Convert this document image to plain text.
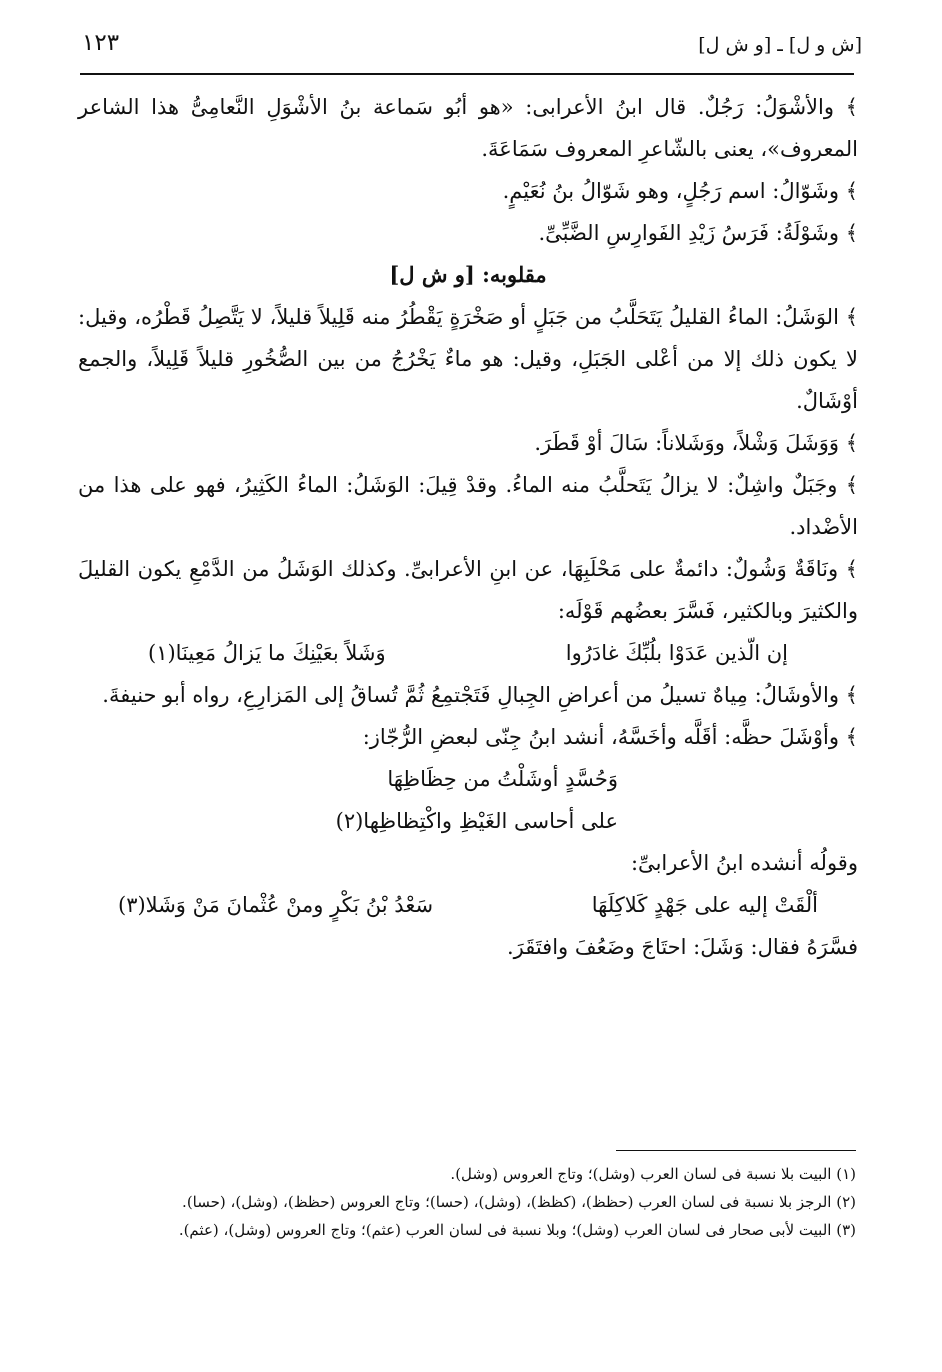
[ش و ل] ـ [و ش ل]
١٢٣

﴾ والأشْوَلُ: رَجُلٌ. قال ابنُ الأعرابى: «هو أبُو سَماعة بنُ الأشْوَلِ النَّعامِىُّ هذا الشاعر المعروف»، يعنى بالشّاعرِ المعروف سَمَاعَةَ.

﴾ وشَوّالُ: اسم رَجُلٍ، وهو شَوّالُ بنُ نُعَيْمٍ.

﴾ وشَوْلَةُ: فَرَسُ زَيْدِ الفَوارِسِ الضَّبِّىِّ.

مقلوبه: [و ش ل]

﴾ الوَشَلُ: الماءُ القليلُ يَتَحَلَّبُ من جَبَلٍ أو صَخْرَةٍ يَقْطُرُ منه قَلِيلاً قليلاً، لا يَتَّصِلُ قَطْرُه، وقيل: لا يكون ذلك إلا من أعْلى الجَبَلِ، وقيل: هو ماءٌ يَخْرُجُ من بين الصُّخُورِ قليلاً قَلِيلاً، والجمع أوْشَالٌ.

﴾ وَوَشَلَ وَشْلاً، ووَشَلاناً: سَالَ أوْ قَطَرَ.

﴾ وجَبَلٌ واشِلٌ: لا يزالُ يَتَحلَّبُ منه الماءُ. وقدْ قِيلَ: الوَشَلُ: الماءُ الكَثِيرُ، فهو على هذا من الأضْداد.

﴾ ونَاقَةٌ وَشُولٌ: دائمةٌ على مَحْلَبِهَا، عن ابنِ الأعرابىِّ. وكذلك الوَشَلُ من الدَّمْعِ يكون القليلَ والكثيرَ وبالكثير، فَسَّرَ بعضُهم قَوْلَه:

إن الّذين عَدَوْا بلُبِّكَ غادَرُوا
وَشَلاً بعَيْنِكَ ما يَزالُ مَعِينَا(١)

﴾ والأوشَالُ: مِياهٌ تسيلُ من أعراضِ الجِبالِ فَتَجْتمِعُ ثُمَّ تُساقُ إلى المَزارِعِ، رواه أبو حنيفةَ.

﴾ وأوْشَلَ حظَّه: أقَلَّه وأخَسَّهُ، أنشد ابنُ جِنّى لبعضِ الرُّجّاز:

وَحُسَّدٍ أوشَلْتُ من حِظَاظِهَا

على أحاسى الغَيْظِ واكْتِظاظِها(٢)

وقولُه أنشده ابنُ الأعرابىِّ:

ألْقَتْ إليه على جَهْدٍ كَلاكِلَهَا
سَعْدُ بْنُ بَكْرٍ ومنْ عُثْمانَ مَنْ وَشَلا(٣)

فسَّرَهُ فقال: وَشَلَ: احتَاجَ وضَعُفَ وافتَقَرَ.

(١) البيت بلا نسبة فى لسان العرب (وشل)؛ وتاج العروس (وشل).

(٢) الرجز بلا نسبة فى لسان العرب (حظظ)، (كظظ)، (وشل)، (حسا)؛ وتاج العروس (حظظ)، (وشل)، (حسا).

(٣) البيت لأبى صحار فى لسان العرب (وشل)؛ وبلا نسبة فى لسان العرب (عثم)؛ وتاج العروس (وشل)، (عثم).
